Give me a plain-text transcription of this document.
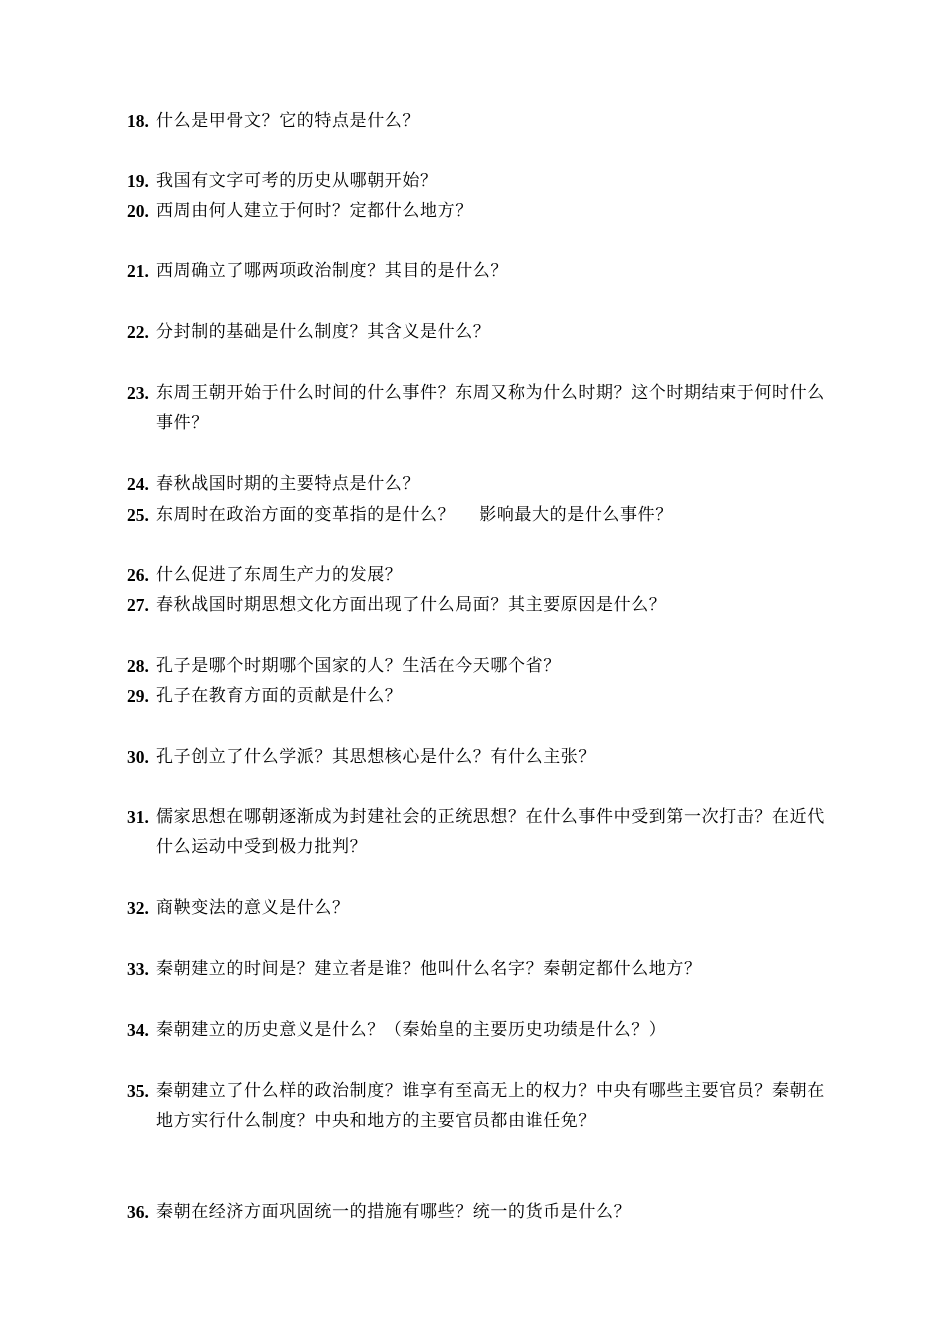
18. 什么是甲骨文？它的特点是什么？
19. 我国有文字可考的历史从哪朝开始？
20. 西周由何人建立于何时？定都什么地方？
21. 西周确立了哪两项政治制度？其目的是什么？
22. 分封制的基础是什么制度？其含义是什么？
23. 东周王朝开始于什么时间的什么事件？东周又称为什么时期？这个时期结束于何时什么事件？
24. 春秋战国时期的主要特点是什么？
25. 东周时在政治方面的变革指的是什么？    影响最大的是什么事件？
26. 什么促进了东周生产力的发展？
27. 春秋战国时期思想文化方面出现了什么局面？其主要原因是什么？
28. 孔子是哪个时期哪个国家的人？生活在今天哪个省？
29. 孔子在教育方面的贡献是什么？
30. 孔子创立了什么学派？其思想核心是什么？有什么主张？
31. 儒家思想在哪朝逐渐成为封建社会的正统思想？在什么事件中受到第一次打击？在近代什么运动中受到极力批判？
32. 商鞅变法的意义是什么？
33. 秦朝建立的时间是？建立者是谁？他叫什么名字？秦朝定都什么地方？
34. 秦朝建立的历史意义是什么？（秦始皇的主要历史功绩是什么？）
35. 秦朝建立了什么样的政治制度？谁享有至高无上的权力？中央有哪些主要官员？秦朝在地方实行什么制度？中央和地方的主要官员都由谁任免？
36. 秦朝在经济方面巩固统一的措施有哪些？统一的货币是什么？
